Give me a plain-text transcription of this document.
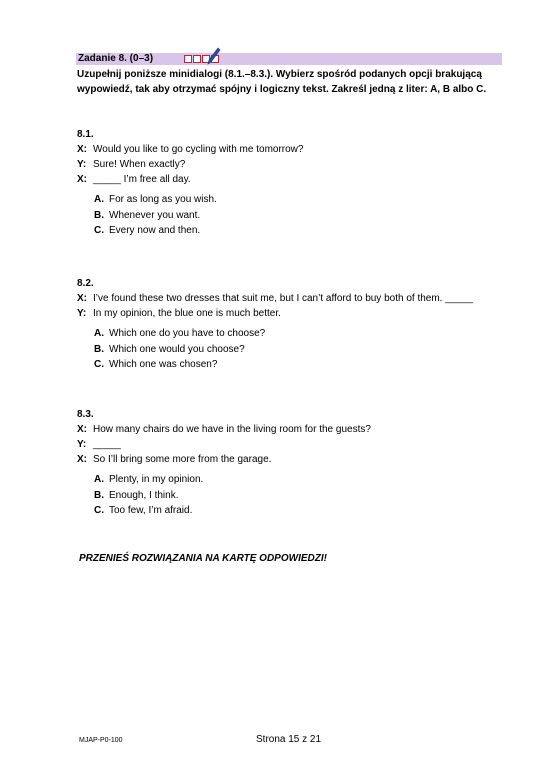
Zadanie 8. (0–3)
Uzupełnij poniższe minidialogi (8.1.–8.3.). Wybierz spośród podanych opcji brakującą wypowiedź, tak aby otrzymać spójny i logiczny tekst. Zakreśl jedną z liter: A, B albo C.
8.1.
X: Would you like to go cycling with me tomorrow?
Y: Sure! When exactly?
X: _____ I’m free all day.
A. For as long as you wish.
B. Whenever you want.
C. Every now and then.
8.2.
X: I’ve found these two dresses that suit me, but I can’t afford to buy both of them. _____
Y: In my opinion, the blue one is much better.
A. Which one do you have to choose?
B. Which one would you choose?
C. Which one was chosen?
8.3.
X: How many chairs do we have in the living room for the guests?
Y: _____
X: So I’ll bring some more from the garage.
A. Plenty, in my opinion.
B. Enough, I think.
C. Too few, I’m afraid.
PRZENIEŚ ROZWIĄZANIA NA KARTĘ ODPOWIEDZI!
MJAP-P0-100	Strona 15 z 21
